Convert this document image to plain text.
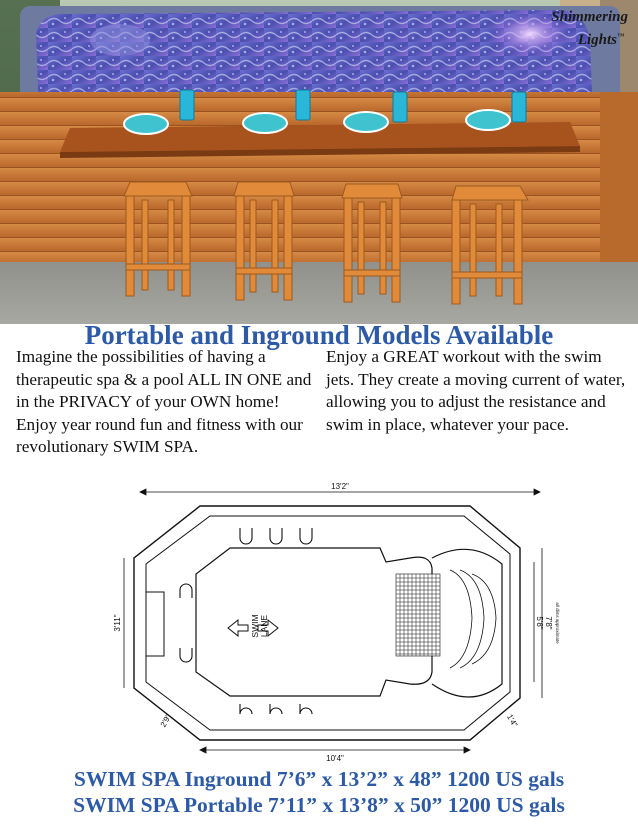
Shimmering
Lights™
Portable and Inground Models Available
Imagine the possibilities of having a therapeutic spa & a pool ALL IN ONE and in the PRIVACY of your OWN home! Enjoy year round fun and fitness with our revolutionary SWIM SPA.
Enjoy a GREAT workout with the swim jets. They create a moving current of water, allowing you to adjust the resistance and swim in place, whatever your pace.
SWIM LANE
13'2"
10'4"
3'11"
2'9"	1'4"
7'8"
5'8" all dims approximate
SWIM SPA Inground 7’6” x 13’2” x 48” 1200 US gals
SWIM SPA Portable 7’11” x 13’8” x 50” 1200 US gals
